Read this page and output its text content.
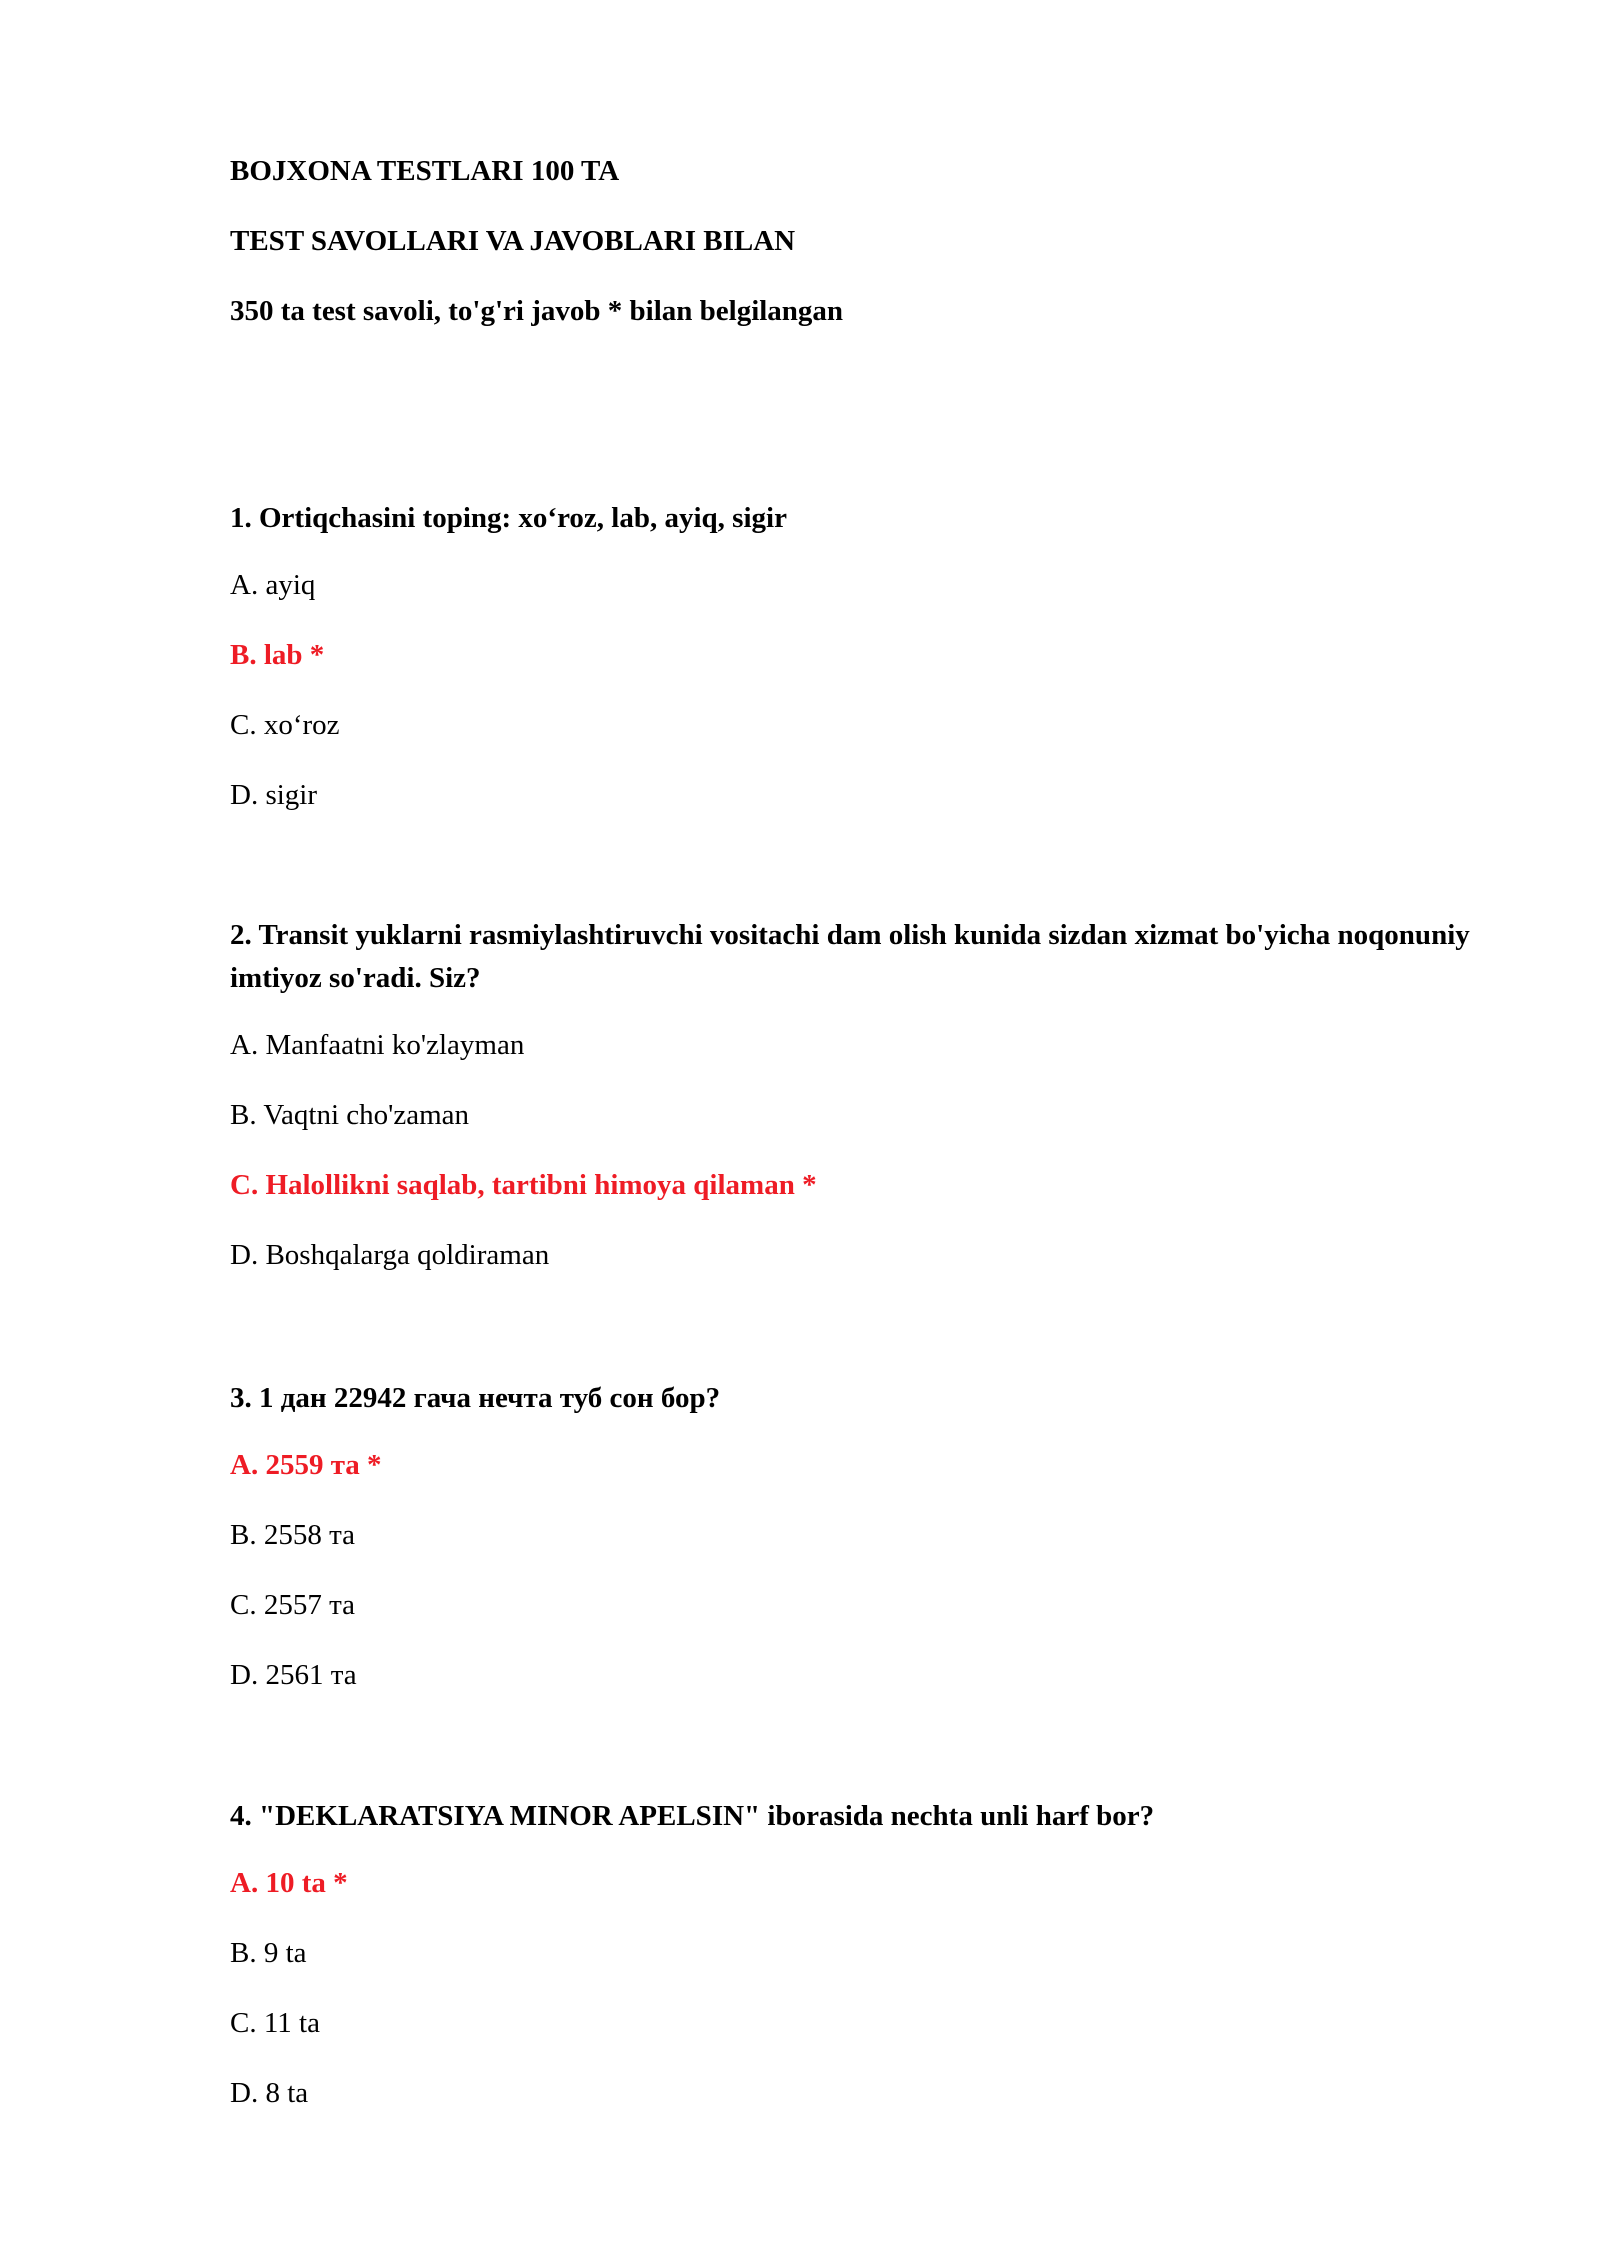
BOJXONA TESTLARI 100 TA
TEST SAVOLLARI VA JAVOBLARI BILAN
350 ta test savoli, to'g'ri javob * bilan belgilangan

1. Ortiqchasini toping: xo‘roz, lab, ayiq, sigir

A. ayiq

B. lab *

C. xo‘roz

D. sigir

2. Transit yuklarni rasmiylashtiruvchi vositachi dam olish kunida sizdan xizmat bo'yicha noqonuniy imtiyoz so'radi. Siz?

A. Manfaatni ko'zlayman

B. Vaqtni cho'zaman

C. Halollikni saqlab, tartibni himoya qilaman *

D. Boshqalarga qoldiraman

3. 1 дан 22942 гача нечта туб сон бор?

A. 2559 та *

B. 2558 та

C. 2557 та

D. 2561 та

4. "DEKLARATSIYA MINOR APELSIN" iborasida nechta unli harf bor?

A. 10 ta *

B. 9 ta

C. 11 ta

D. 8 ta
